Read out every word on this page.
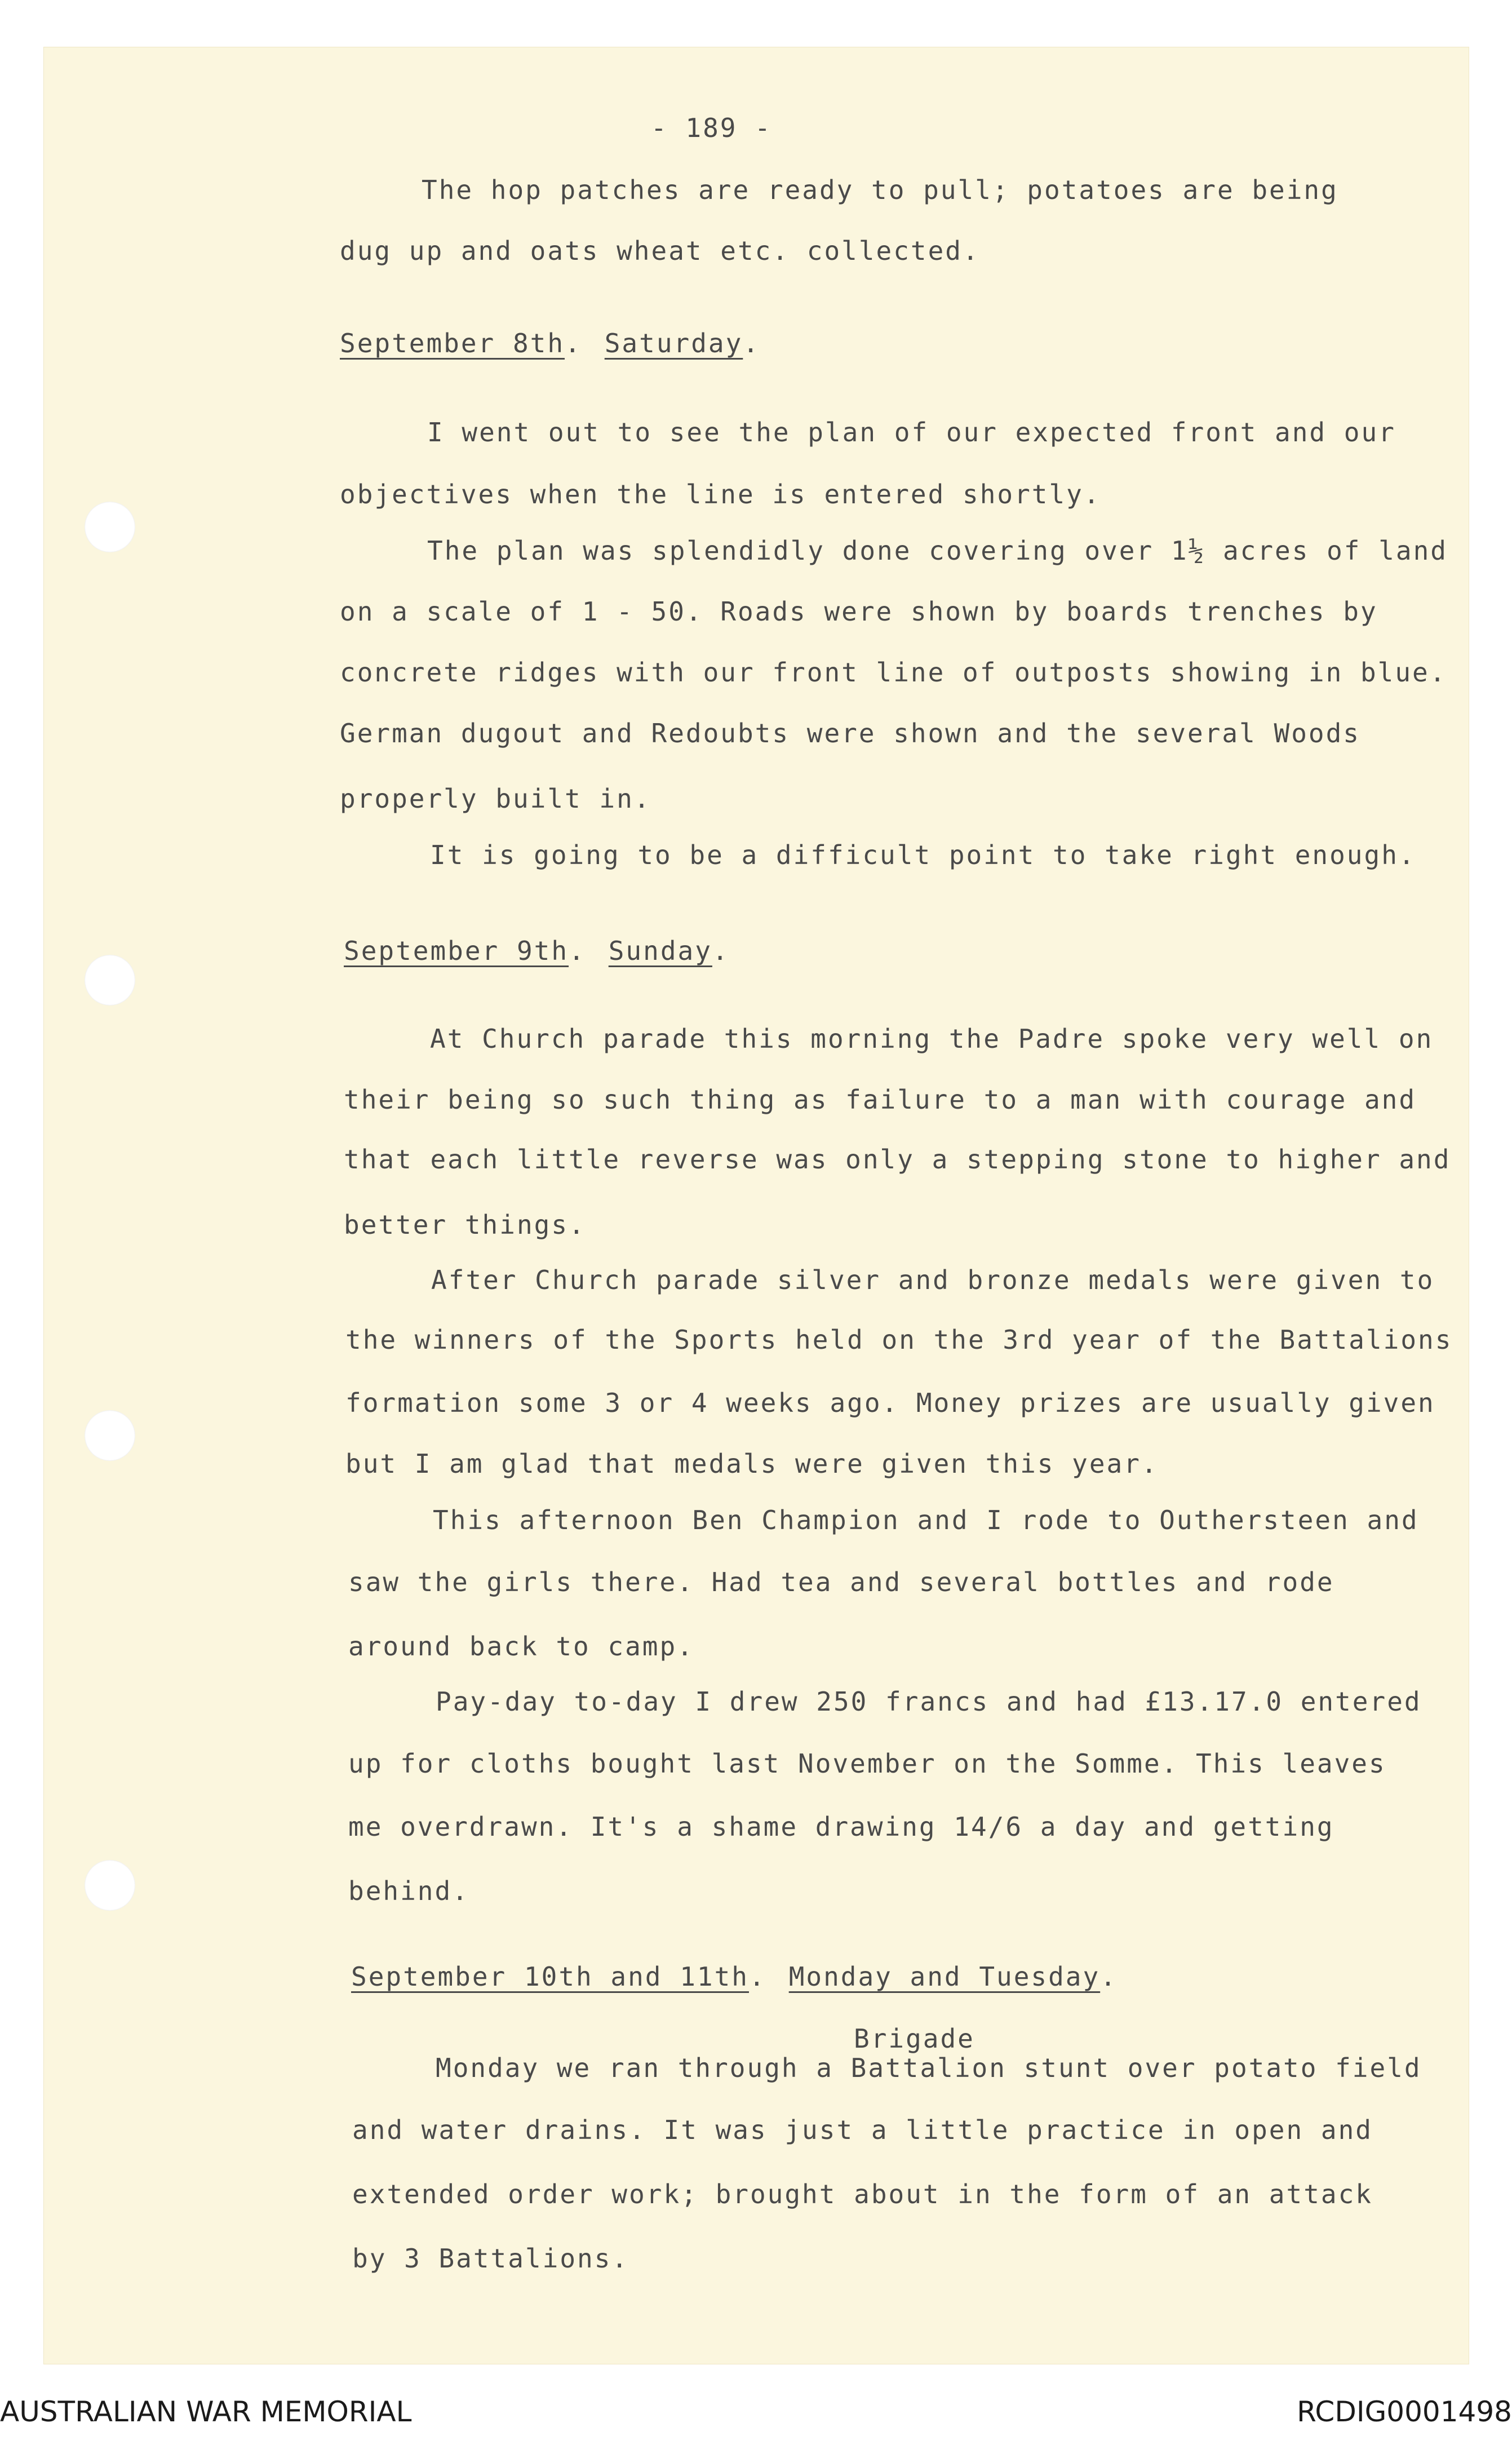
- 189 -
The hop patches are ready to pull; potatoes are being
dug up and oats wheat etc. collected.
September 8th. Saturday.
I went out to see the plan of our expected front and our
objectives when the line is entered shortly.
The plan was splendidly done covering over 1½ acres of land
on a scale of 1 - 50. Roads were shown by boards trenches by
concrete ridges with our front line of outposts showing in blue.
German dugout and Redoubts were shown and the several Woods
properly built in.
It is going to be a difficult point to take right enough.
September 9th. Sunday.
At Church parade this morning the Padre spoke very well on
their being so such thing as failure to a man with courage and
that each little reverse was only a stepping stone to higher and
better things.
After Church parade silver and bronze medals were given to
the winners of the Sports held on the 3rd year of the Battalions
formation some 3 or 4 weeks ago. Money prizes are usually given
but I am glad that medals were given this year.
This afternoon Ben Champion and I rode to Outhersteen and
saw the girls there. Had tea and several bottles and rode
around back to camp.
Pay-day to-day I drew 250 francs and had £13.17.0 entered
up for cloths bought last November on the Somme. This leaves
me overdrawn. It's a shame drawing 14/6 a day and getting
behind.
September 10th and 11th. Monday and Tuesday.
Brigade
Monday we ran through a Battalion stunt over potato field
and water drains. It was just a little practice in open and
extended order work; brought about in the form of an attack
by 3 Battalions.
AUSTRALIAN WAR MEMORIAL	RCDIG0001498
